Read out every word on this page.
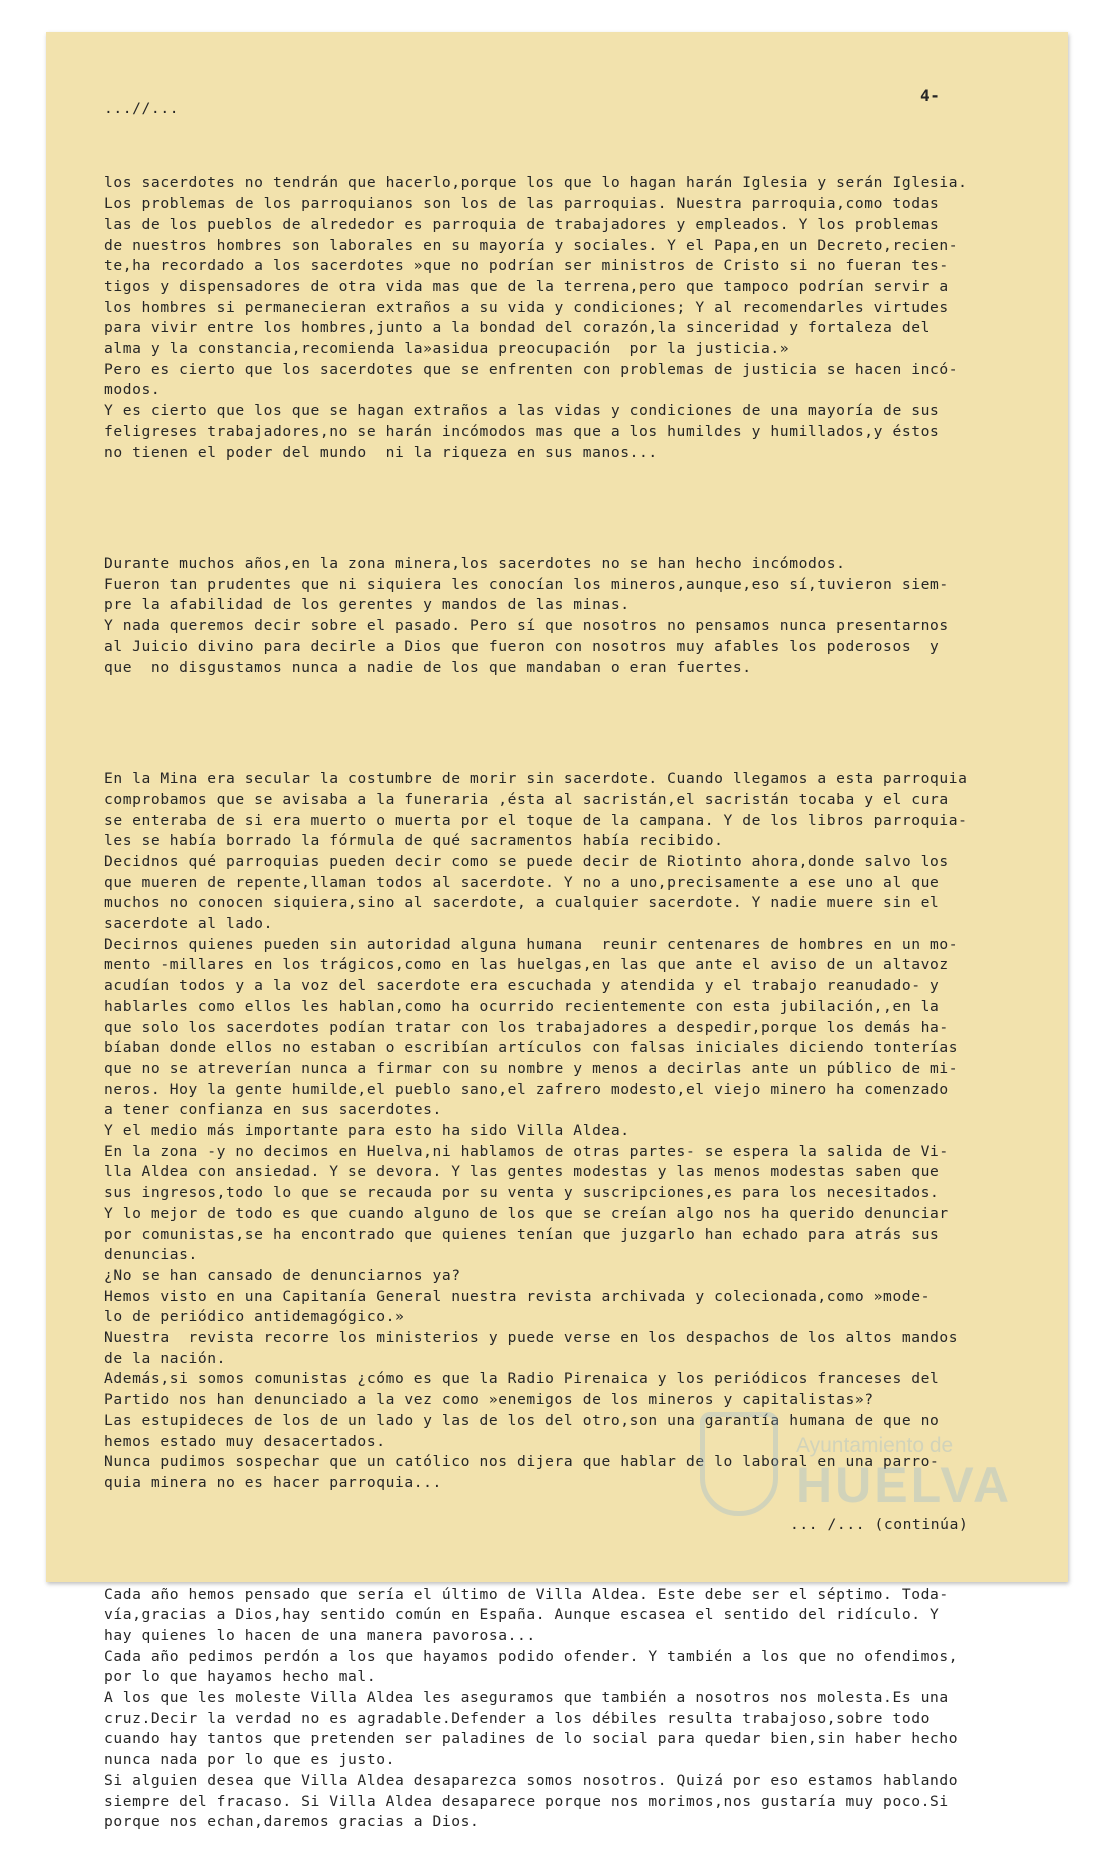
...//...
4-

los sacerdotes no tendrán que hacerlo,porque los que lo hagan harán Iglesia y serán Iglesia.
Los problemas de los parroquianos son los de las parroquias. Nuestra parroquia,como todas
las de los pueblos de alrededor es parroquia de trabajadores y empleados. Y los problemas
de nuestros hombres son laborales en su mayoría y sociales. Y el Papa,en un Decreto,recien-
te,ha recordado a los sacerdotes »que no podrían ser ministros de Cristo si no fueran tes-
tigos y dispensadores de otra vida mas que de la terrena,pero que tampoco podrían servir a
los hombres si permanecieran extraños a su vida y condiciones; Y al recomendarles virtudes
para vivir entre los hombres,junto a la bondad del corazón,la sinceridad y fortaleza del
alma y la constancia,recomienda la»asidua preocupación  por la justicia.»
Pero es cierto que los sacerdotes que se enfrenten con problemas de justicia se hacen incó-
modos.
Y es cierto que los que se hagan extraños a las vidas y condiciones de una mayoría de sus
feligreses trabajadores,no se harán incómodos mas que a los humildes y humillados,y éstos
no tienen el poder del mundo  ni la riqueza en sus manos...

Durante muchos años,en la zona minera,los sacerdotes no se han hecho incómodos.
Fueron tan prudentes que ni siquiera les conocían los mineros,aunque,eso sí,tuvieron siem-
pre la afabilidad de los gerentes y mandos de las minas.
Y nada queremos decir sobre el pasado. Pero sí que nosotros no pensamos nunca presentarnos
al Juicio divino para decirle a Dios que fueron con nosotros muy afables los poderosos  y
que  no disgustamos nunca a nadie de los que mandaban o eran fuertes.

En la Mina era secular la costumbre de morir sin sacerdote. Cuando llegamos a esta parroquia
comprobamos que se avisaba a la funeraria ,ésta al sacristán,el sacristán tocaba y el cura
se enteraba de si era muerto o muerta por el toque de la campana. Y de los libros parroquia-
les se había borrado la fórmula de qué sacramentos había recibido.
Decidnos qué parroquias pueden decir como se puede decir de Riotinto ahora,donde salvo los
que mueren de repente,llaman todos al sacerdote. Y no a uno,precisamente a ese uno al que
muchos no conocen siquiera,sino al sacerdote, a cualquier sacerdote. Y nadie muere sin el
sacerdote al lado.
Decirnos quienes pueden sin autoridad alguna humana  reunir centenares de hombres en un mo-
mento -millares en los trágicos,como en las huelgas,en las que ante el aviso de un altavoz
acudían todos y a la voz del sacerdote era escuchada y atendida y el trabajo reanudado- y
hablarles como ellos les hablan,como ha ocurrido recientemente con esta jubilación,,en la
que solo los sacerdotes podían tratar con los trabajadores a despedir,porque los demás ha-
bíaban donde ellos no estaban o escribían artículos con falsas iniciales diciendo tonterías
que no se atreverían nunca a firmar con su nombre y menos a decirlas ante un público de mi-
neros. Hoy la gente humilde,el pueblo sano,el zafrero modesto,el viejo minero ha comenzado
a tener confianza en sus sacerdotes.
Y el medio más importante para esto ha sido Villa Aldea.
En la zona -y no decimos en Huelva,ni hablamos de otras partes- se espera la salida de Vi-
lla Aldea con ansiedad. Y se devora. Y las gentes modestas y las menos modestas saben que
sus ingresos,todo lo que se recauda por su venta y suscripciones,es para los necesitados.
Y lo mejor de todo es que cuando alguno de los que se creían algo nos ha querido denunciar
por comunistas,se ha encontrado que quienes tenían que juzgarlo han echado para atrás sus
denuncias.
¿No se han cansado de denunciarnos ya?
Hemos visto en una Capitanía General nuestra revista archivada y colecionada,como »mode-
lo de periódico antidemagógico.»
Nuestra  revista recorre los ministerios y puede verse en los despachos de los altos mandos
de la nación.
Además,si somos comunistas ¿cómo es que la Radio Pirenaica y los periódicos franceses del
Partido nos han denunciado a la vez como »enemigos de los mineros y capitalistas»?
Las estupideces de los de un lado y las de los del otro,son una garantía humana de que no
hemos estado muy desacertados.
Nunca pudimos sospechar que un católico nos dijera que hablar de lo laboral en una parro-
quia minera no es hacer parroquia...

Cada año hemos pensado que sería el último de Villa Aldea. Este debe ser el séptimo. Toda-
vía,gracias a Dios,hay sentido común en España. Aunque escasea el sentido del ridículo. Y
hay quienes lo hacen de una manera pavorosa...
Cada año pedimos perdón a los que hayamos podido ofender. Y también a los que no ofendimos,
por lo que hayamos hecho mal.
A los que les moleste Villa Aldea les aseguramos que también a nosotros nos molesta.Es una
cruz.Decir la verdad no es agradable.Defender a los débiles resulta trabajoso,sobre todo
cuando hay tantos que pretenden ser paladines de lo social para quedar bien,sin haber hecho
nunca nada por lo que es justo.
Si alguien desea que Villa Aldea desaparezca somos nosotros. Quizá por eso estamos hablando
siempre del fracaso. Si Villa Aldea desaparece porque nos morimos,nos gustaría muy poco.Si
porque nos echan,daremos gracias a Dios.

... /... (continúa)
Ayuntamiento de
HUELVA
